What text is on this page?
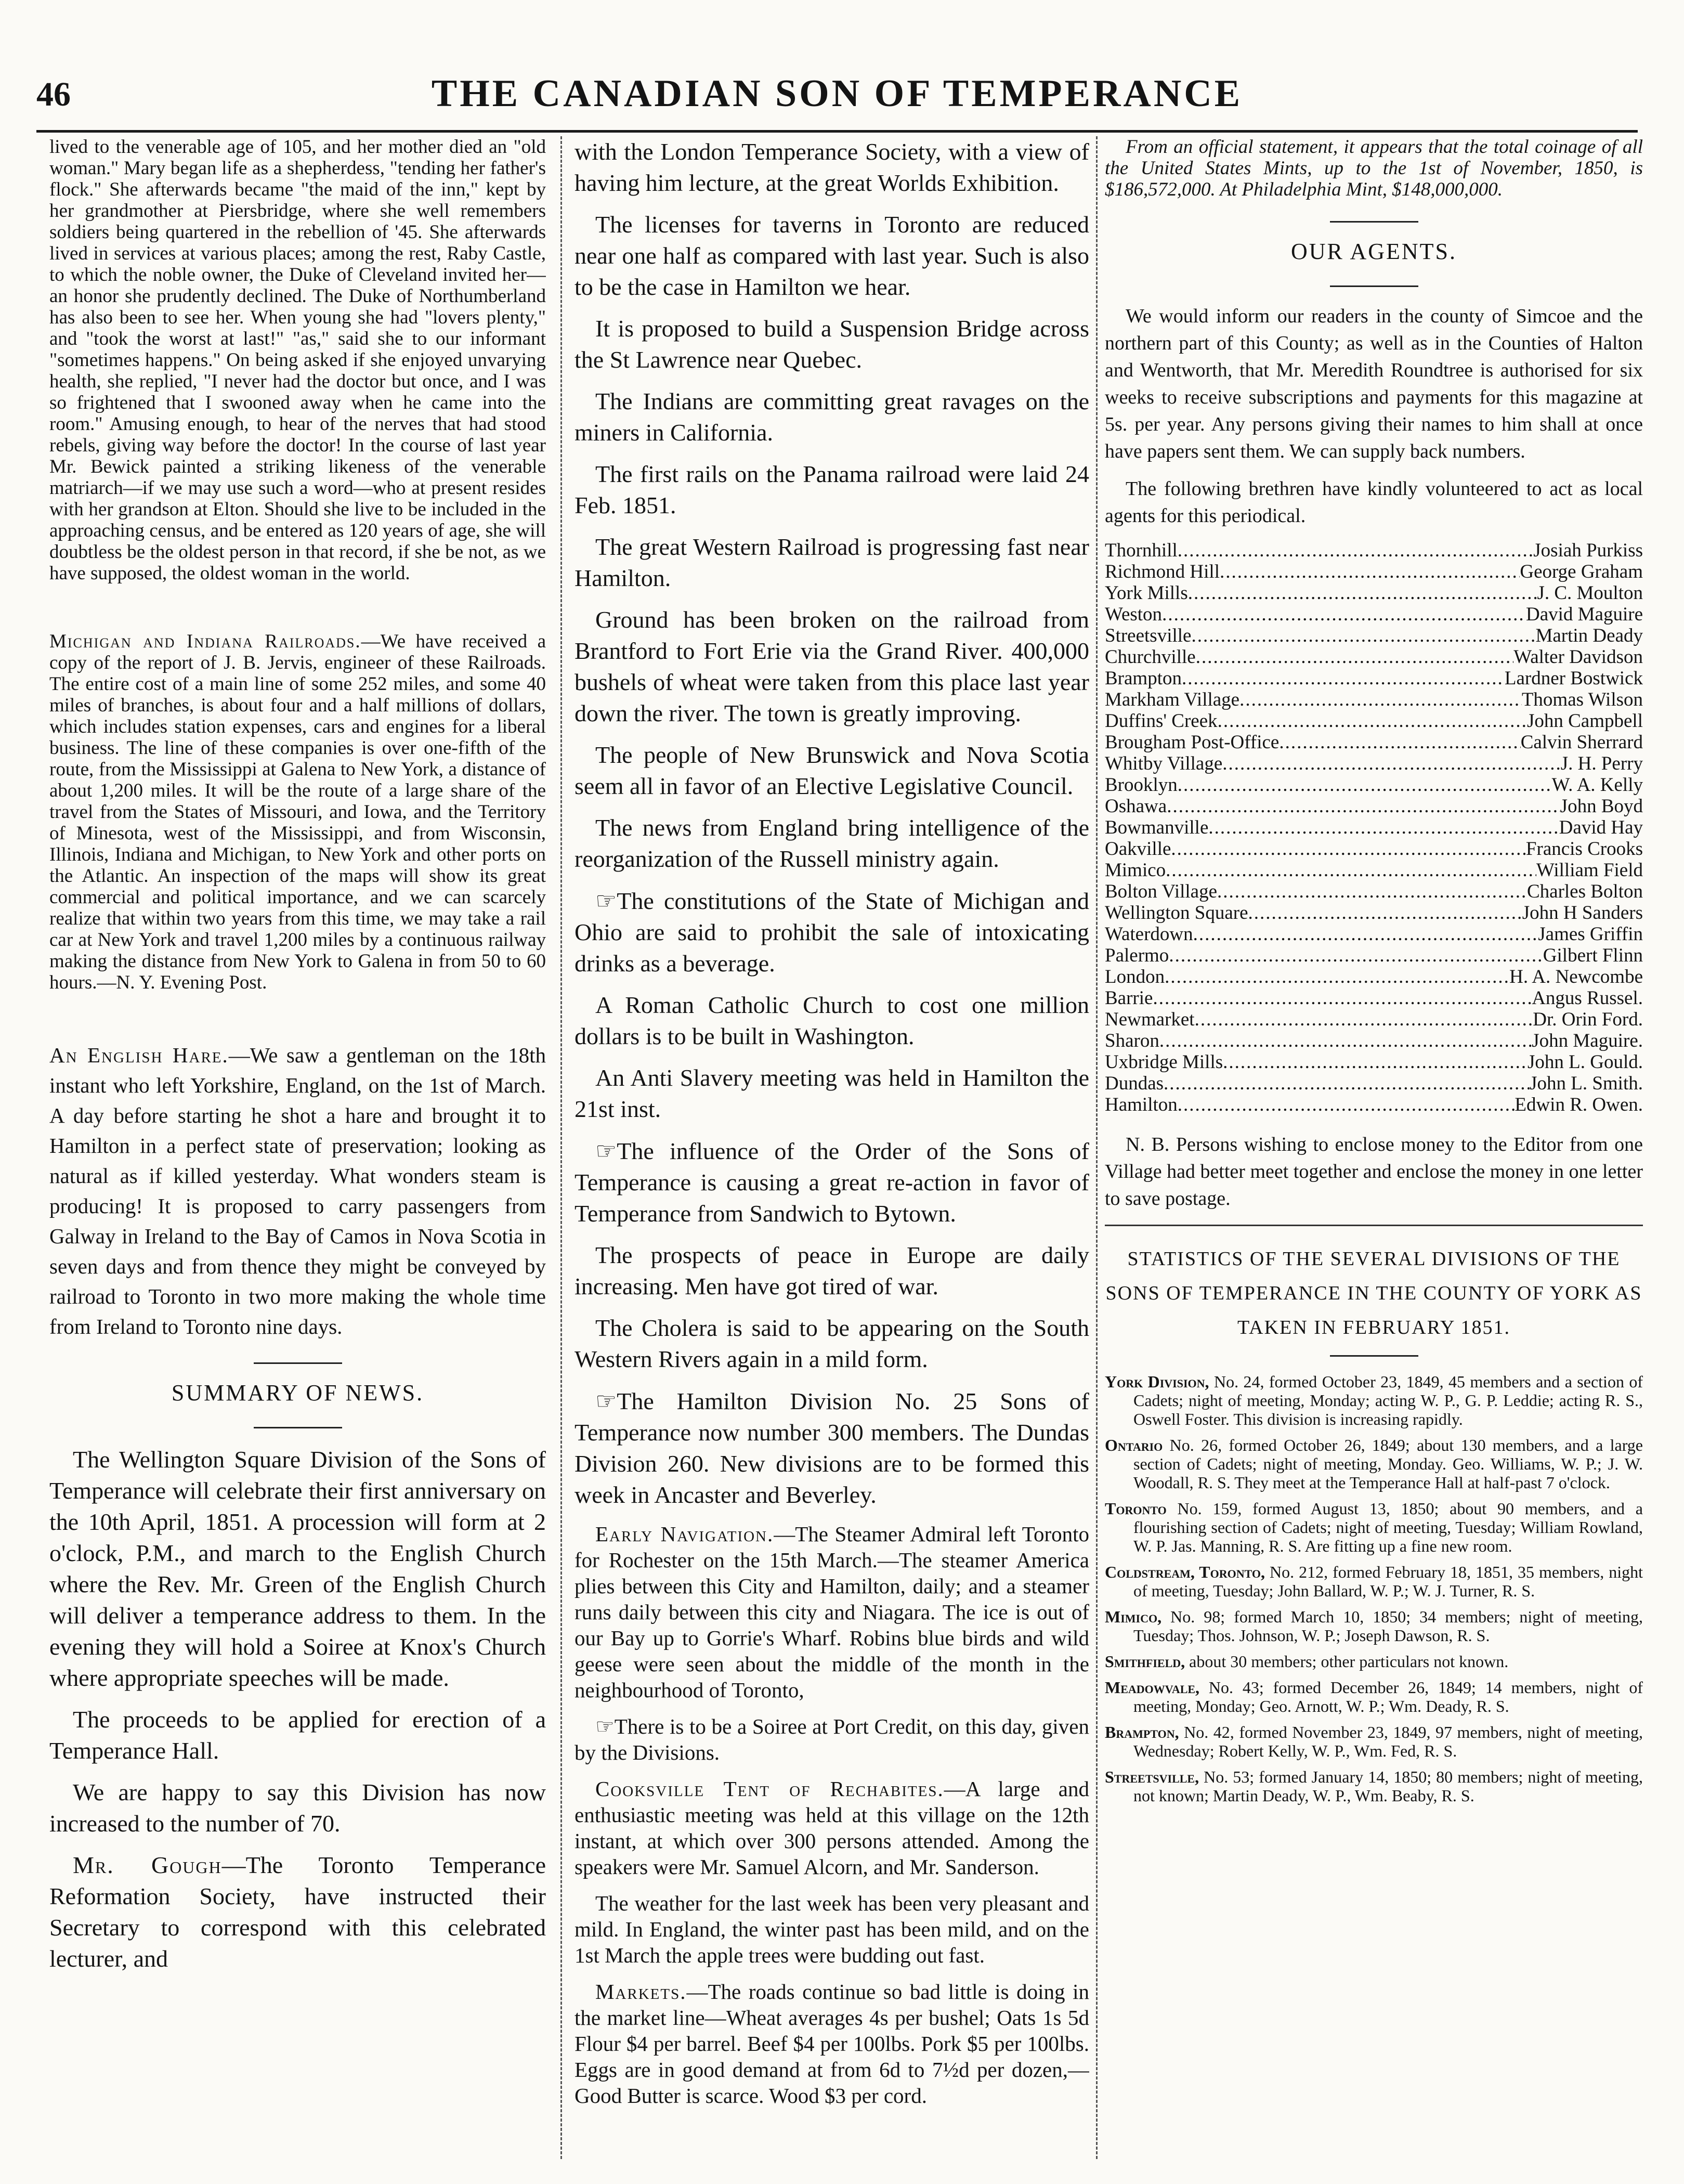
46	THE CANADIAN SON OF TEMPERANCE

lived to the venerable age of 105, and her mother died an "old woman." Mary began life as a shepherdess, "tending her father's flock." She afterwards became "the maid of the inn," kept by her grandmother at Piersbridge, where she well remembers soldiers being quartered in the rebellion of '45. She afterwards lived in services at various places; among the rest, Raby Castle, to which the noble owner, the Duke of Cleveland invited her—an honor she prudently declined. The Duke of Northumberland has also been to see her. When young she had "lovers plenty," and "took the worst at last!" "as," said she to our informant "sometimes happens." On being asked if she enjoyed unvarying health, she replied, "I never had the doctor but once, and I was so frightened that I swooned away when he came into the room." Amusing enough, to hear of the nerves that had stood rebels, giving way before the doctor! In the course of last year Mr. Bewick painted a striking likeness of the venerable matriarch—if we may use such a word—who at present resides with her grandson at Elton. Should she live to be included in the approaching census, and be entered as 120 years of age, she will doubtless be the oldest person in that record, if she be not, as we have supposed, the oldest woman in the world.

Michigan and Indiana Railroads.—We have received a copy of the report of J. B. Jervis, engineer of these Railroads. The entire cost of a main line of some 252 miles, and some 40 miles of branches, is about four and a half millions of dollars, which includes station expenses, cars and engines for a liberal business. The line of these companies is over one-fifth of the route, from the Mississippi at Galena to New York, a distance of about 1,200 miles. It will be the route of a large share of the travel from the States of Missouri, and Iowa, and the Territory of Minesota, west of the Mississippi, and from Wisconsin, Illinois, Indiana and Michigan, to New York and other ports on the Atlantic. An inspection of the maps will show its great commercial and political importance, and we can scarcely realize that within two years from this time, we may take a rail car at New York and travel 1,200 miles by a continuous railway making the distance from New York to Galena in from 50 to 60 hours.—N. Y. Evening Post.

An English Hare.—We saw a gentleman on the 18th instant who left Yorkshire, England, on the 1st of March. A day before starting he shot a hare and brought it to Hamilton in a perfect state of preservation; looking as natural as if killed yesterday. What wonders steam is producing! It is proposed to carry passengers from Galway in Ireland to the Bay of Camos in Nova Scotia in seven days and from thence they might be conveyed by railroad to Toronto in two more making the whole time from Ireland to Toronto nine days.

SUMMARY OF NEWS.

The Wellington Square Division of the Sons of Temperance will celebrate their first anniversary on the 10th April, 1851. A procession will form at 2 o'clock, P.M., and march to the English Church where the Rev. Mr. Green of the English Church will deliver a temperance address to them. In the evening they will hold a Soiree at Knox's Church where appropriate speeches will be made.

The proceeds to be applied for erection of a Temperance Hall.

We are happy to say this Division has now increased to the number of 70.

Mr. Gough—The Toronto Temperance Reformation Society, have instructed their Secretary to correspond with this celebrated lecturer, and

with the London Temperance Society, with a view of having him lecture, at the great Worlds Exhibition.

The licenses for taverns in Toronto are reduced near one half as compared with last year. Such is also to be the case in Hamilton we hear.

It is proposed to build a Suspension Bridge across the St Lawrence near Quebec.

The Indians are committing great ravages on the miners in California.

The first rails on the Panama railroad were laid 24 Feb. 1851.

The great Western Railroad is progressing fast near Hamilton.

Ground has been broken on the railroad from Brantford to Fort Erie via the Grand River. 400,000 bushels of wheat were taken from this place last year down the river. The town is greatly improving.

The people of New Brunswick and Nova Scotia seem all in favor of an Elective Legislative Council.

The news from England bring intelligence of the reorganization of the Russell ministry again.

☞The constitutions of the State of Michigan and Ohio are said to prohibit the sale of intoxicating drinks as a beverage.

A Roman Catholic Church to cost one million dollars is to be built in Washington.

An Anti Slavery meeting was held in Hamilton the 21st inst.

☞The influence of the Order of the Sons of Temperance is causing a great re-action in favor of Temperance from Sandwich to Bytown.

The prospects of peace in Europe are daily increasing. Men have got tired of war.

The Cholera is said to be appearing on the South Western Rivers again in a mild form.

☞The Hamilton Division No. 25 Sons of Temperance now number 300 members. The Dundas Division 260. New divisions are to be formed this week in Ancaster and Beverley.

Early Navigation.—The Steamer Admiral left Toronto for Rochester on the 15th March.—The steamer America plies between this City and Hamilton, daily; and a steamer runs daily between this city and Niagara. The ice is out of our Bay up to Gorrie's Wharf. Robins blue birds and wild geese were seen about the middle of the month in the neighbourhood of Toronto,

☞There is to be a Soiree at Port Credit, on this day, given by the Divisions.

Cooksville Tent of Rechabites.—A large and enthusiastic meeting was held at this village on the 12th instant, at which over 300 persons attended. Among the speakers were Mr. Samuel Alcorn, and Mr. Sanderson.

The weather for the last week has been very pleasant and mild. In England, the winter past has been mild, and on the 1st March the apple trees were budding out fast.

Markets.—The roads continue so bad little is doing in the market line—Wheat averages 4s per bushel; Oats 1s 5d Flour $4 per barrel. Beef $4 per 100lbs. Pork $5 per 100lbs. Eggs are in good demand at from 6d to 7½d per dozen,—Good Butter is scarce. Wood $3 per cord.

From an official statement, it appears that the total coinage of all the United States Mints, up to the 1st of November, 1850, is $186,572,000. At Philadelphia Mint, $148,000,000.

OUR AGENTS.

We would inform our readers in the county of Simcoe and the northern part of this County; as well as in the Counties of Halton and Wentworth, that Mr. Meredith Roundtree is authorised for six weeks to receive subscriptions and payments for this magazine at 5s. per year. Any persons giving their names to him shall at once have papers sent them. We can supply back numbers.

The following brethren have kindly volunteered to act as local agents for this periodical.

Thornhill .....	Josiah Purkiss
Richmond Hill .....	George Graham
York Mills .....	J. C. Moulton
Weston .....	David Maguire
Streetsville .....	Martin Deady
Churchville .....	Walter Davidson
Brampton .....	Lardner Bostwick
Markham Village .....	Thomas Wilson
Duffins' Creek .....	John Campbell
Brougham Post-Office .....	Calvin Sherrard
Whitby Village .....	J. H. Perry
Brooklyn .....	W. A. Kelly
Oshawa .....	John Boyd
Bowmanville .....	David Hay
Oakville .....	Francis Crooks
Mimico .....	William Field
Bolton Village .....	Charles Bolton
Wellington Square .....	John H Sanders
Waterdown .....	James Griffin
Palermo .....	Gilbert Flinn
London .....	H. A. Newcombe
Barrie .....	Angus Russel.
Newmarket .....	Dr. Orin Ford.
Sharon .....	John Maguire.
Uxbridge Mills .....	John L. Gould.
Dundas .....	John L. Smith.
Hamilton .....	Edwin R. Owen.

N. B. Persons wishing to enclose money to the Editor from one Village had better meet together and enclose the money in one letter to save postage.

STATISTICS OF THE SEVERAL DIVISIONS OF THE SONS OF TEMPERANCE IN THE COUNTY OF YORK AS TAKEN IN FEBRUARY 1851.

York Division, No. 24, formed October 23, 1849, 45 members and a section of Cadets; night of meeting, Monday; acting W. P., G. P. Leddie; acting R. S., Oswell Foster. This division is increasing rapidly.

Ontario No. 26, formed October 26, 1849; about 130 members, and a large section of Cadets; night of meeting, Monday. Geo. Williams, W. P.; J. W. Woodall, R. S. They meet at the Temperance Hall at half-past 7 o'clock.

Toronto No. 159, formed August 13, 1850; about 90 members, and a flourishing section of Cadets; night of meeting, Tuesday; William Rowland, W. P. Jas. Manning, R. S. Are fitting up a fine new room.

Coldstream, Toronto, No. 212, formed February 18, 1851, 35 members, night of meeting, Tuesday; John Ballard, W. P.; W. J. Turner, R. S.

Mimico, No. 98; formed March 10, 1850; 34 members; night of meeting, Tuesday; Thos. Johnson, W. P.; Joseph Dawson, R. S.

Smithfield, about 30 members; other particulars not known.

Meadowvale, No. 43; formed December 26, 1849; 14 members, night of meeting, Monday; Geo. Arnott, W. P.; Wm. Deady, R. S.

Brampton, No. 42, formed November 23, 1849, 97 members, night of meeting, Wednesday; Robert Kelly, W. P., Wm. Fed, R. S.

Streetsville, No. 53; formed January 14, 1850; 80 members; night of meeting, not known; Martin Deady, W. P., Wm. Beaby, R. S.
